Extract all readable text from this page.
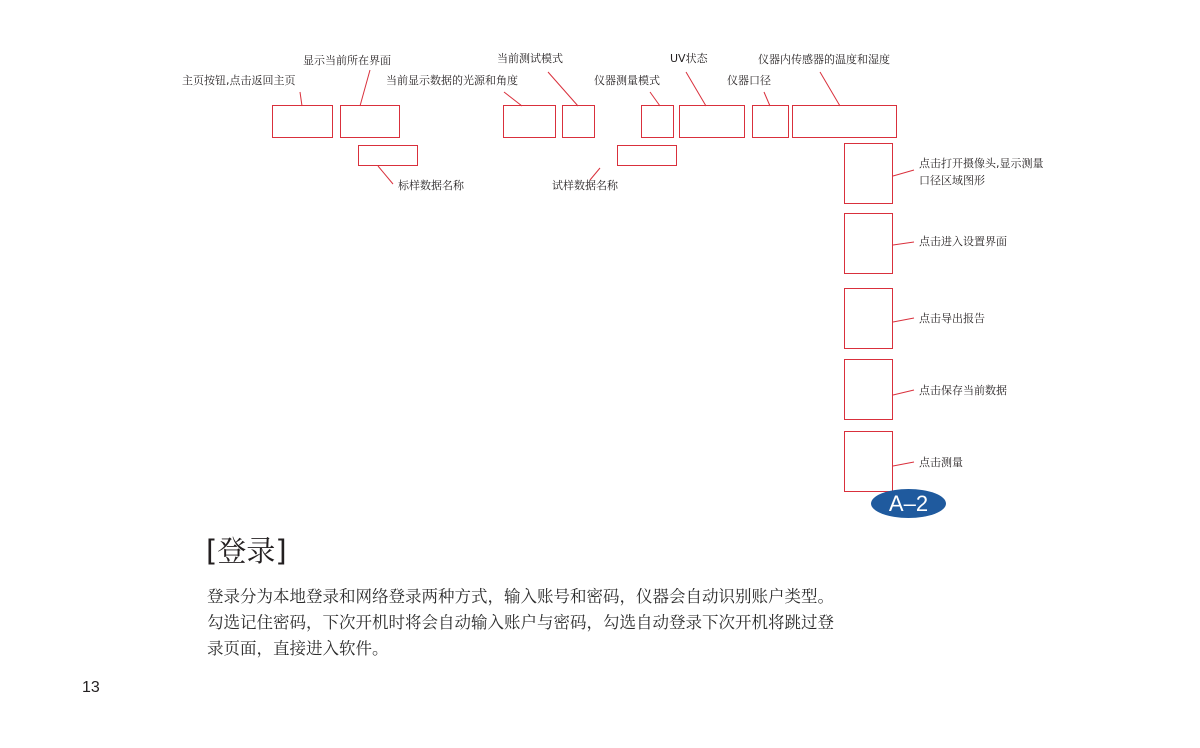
主页按钮,点击返回主页
显示当前所在界面
当前显示数据的光源和角度
当前测试模式
仪器测量模式
UV状态
仪器口径
仪器内传感器的温度和湿度
标样数据名称	试样数据名称
点击打开摄像头,显示测量口径区域图形
点击进入设置界面
点击导出报告
点击保存当前数据
点击测量
A–2
[登录]

登录分为本地登录和网络登录两种方式，输入账号和密码，仪器会自动识别账户类型。
勾选记住密码，下次开机时将会自动输入账户与密码，勾选自动登录下次开机将跳过登
录页面，直接进入软件。

13
